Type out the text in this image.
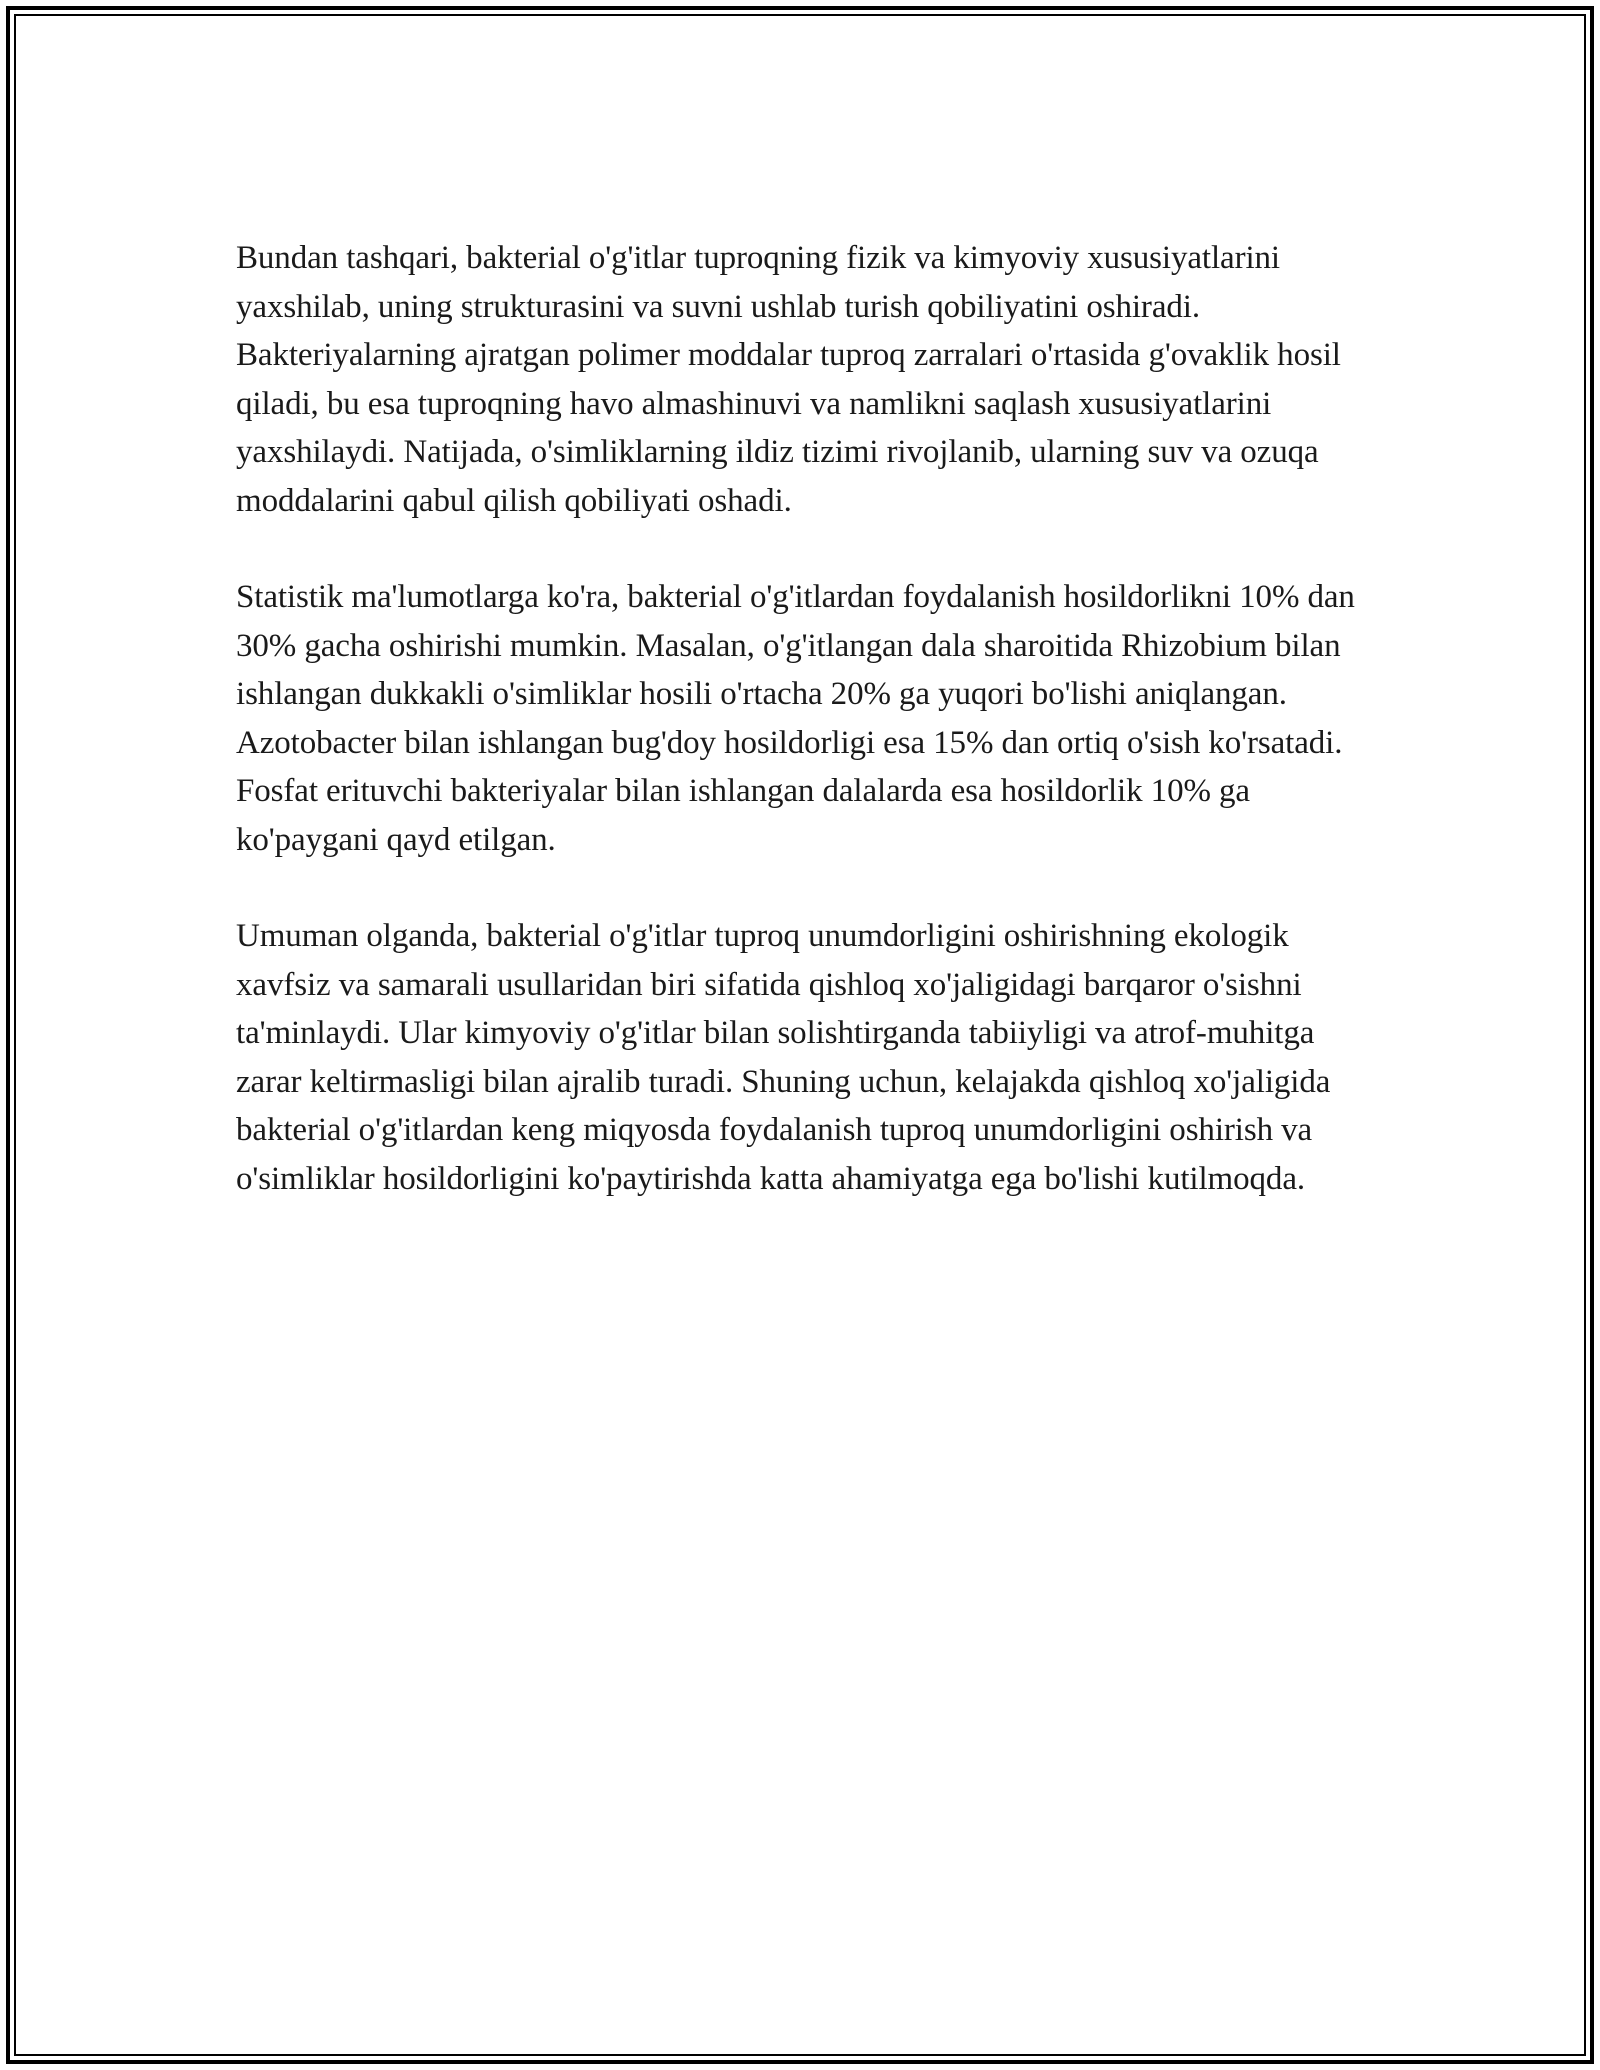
Bundan tashqari, bakterial o'g'itlar tuproqning fizik va kimyoviy xususiyatlarini yaxshilab, uning strukturasini va suvni ushlab turish qobiliyatini oshiradi. Bakteriyalarning ajratgan polimer moddalar tuproq zarralari o'rtasida g'ovaklik hosil qiladi, bu esa tuproqning havo almashinuvi va namlikni saqlash xususiyatlarini yaxshilaydi. Natijada, o'simliklarning ildiz tizimi rivojlanib, ularning suv va ozuqa moddalarini qabul qilish qobiliyati oshadi.

Statistik ma'lumotlarga ko'ra, bakterial o'g'itlardan foydalanish hosildorlikni 10% dan 30% gacha oshirishi mumkin. Masalan, o'g'itlangan dala sharoitida Rhizobium bilan ishlangan dukkakli o'simliklar hosili o'rtacha 20% ga yuqori bo'lishi aniqlangan. Azotobacter bilan ishlangan bug'doy hosildorligi esa 15% dan ortiq o'sish ko'rsatadi. Fosfat erituvchi bakteriyalar bilan ishlangan dalalarda esa hosildorlik 10% ga ko'paygani qayd etilgan.

Umuman olganda, bakterial o'g'itlar tuproq unumdorligini oshirishning ekologik xavfsiz va samarali usullaridan biri sifatida qishloq xo'jaligidagi barqaror o'sishni ta'minlaydi. Ular kimyoviy o'g'itlar bilan solishtirganda tabiiyligi va atrof-muhitga zarar keltirmasligi bilan ajralib turadi. Shuning uchun, kelajakda qishloq xo'jaligida bakterial o'g'itlardan keng miqyosda foydalanish tuproq unumdorligini oshirish va o'simliklar hosildorligini ko'paytirishda katta ahamiyatga ega bo'lishi kutilmoqda.
